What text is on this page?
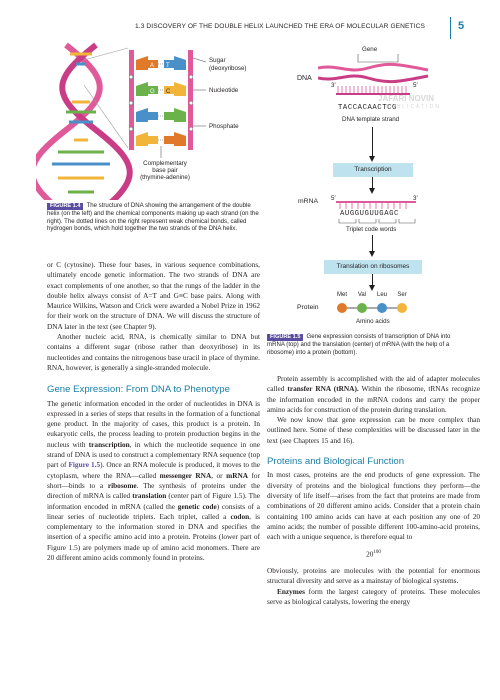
1.3 DISCOVERY OF THE DOUBLE HELIX LAUNCHED THE ERA OF MOLECULAR GENETICS	5
A T
G C
Sugar
(deoxyribose)
Nucleotide
Phosphate
Complementary
base pair
(thymine-adenine)
FIGURE 1.4 The structure of DNA showing the arrangement of the double helix (on the left) and the chemical components making up each strand (on the right). The dotted lines on the right represent weak chemical bonds, called hydrogen bonds, which hold together the two strands of the DNA helix.
Gene
DNA
3′	5′
TACCACAACTCG
DNA template strand
Transcription
mRNA 5′	3′
AUGGUGUUGAGC
Triplet code words
Translation on ribosomes
Met	Val	Leu	Ser
Protein
Amino acids
JAFARI NOVIN
PUBLICATION
FIGURE 1.5 Gene expression consists of transcription of DNA into mRNA (top) and the translation (center) of mRNA (with the help of a ribosome) into a protein (bottom).

or C (cytosine). These four bases, in various sequence combinations, ultimately encode genetic information. The two strands of DNA are exact complements of one another, so that the rungs of the ladder in the double helix always consist of A=T and G≡C base pairs. Along with Maurice Wilkins, Watson and Crick were awarded a Nobel Prize in 1962 for their work on the structure of DNA. We will discuss the structure of DNA later in the text (see Chapter 9).

Another nucleic acid, RNA, is chemically similar to DNA but contains a different sugar (ribose rather than deoxyribose) in its nucleotides and contains the nitrogenous base uracil in place of thymine. RNA, however, is generally a single-stranded molecule.

Gene Expression: From DNA to Phenotype

The genetic information encoded in the order of nucleotides in DNA is expressed in a series of steps that results in the formation of a functional gene product. In the majority of cases, this product is a protein. In eukaryotic cells, the process leading to protein production begins in the nucleus with transcription, in which the nucleotide sequence in one strand of DNA is used to construct a complementary RNA sequence (top part of Figure 1.5). Once an RNA molecule is produced, it moves to the cytoplasm, where the RNA—called messenger RNA, or mRNA for short—binds to a ribosome. The synthesis of proteins under the direction of mRNA is called translation (center part of Figure 1.5). The information encoded in mRNA (called the genetic code) consists of a linear series of nucleotide triplets. Each triplet, called a codon, is complementary to the information stored in DNA and specifies the insertion of a specific amino acid into a protein. Proteins (lower part of Figure 1.5) are polymers made up of amino acid monomers. There are 20 different amino acids commonly found in proteins.

Protein assembly is accomplished with the aid of adapter molecules called transfer RNA (tRNA). Within the ribosome, tRNAs recognize the information encoded in the mRNA codons and carry the proper amino acids for construction of the protein during translation.

We now know that gene expression can be more complex than outlined here. Some of these complexities will be discussed later in the text (see Chapters 15 and 16).

Proteins and Biological Function

In most cases, proteins are the end products of gene expression. The diversity of proteins and the biological functions they perform—the diversity of life itself—arises from the fact that proteins are made from combinations of 20 different amino acids. Consider that a protein chain containing 100 amino acids can have at each position any one of 20 amino acids; the number of possible different 100-amino-acid proteins, each with a unique sequence, is therefore equal to

$20^{100}$

Obviously, proteins are molecules with the potential for enormous structural diversity and serve as a mainstay of biological systems.

Enzymes form the largest category of proteins. These molecules serve as biological catalysts, lowering the energy
